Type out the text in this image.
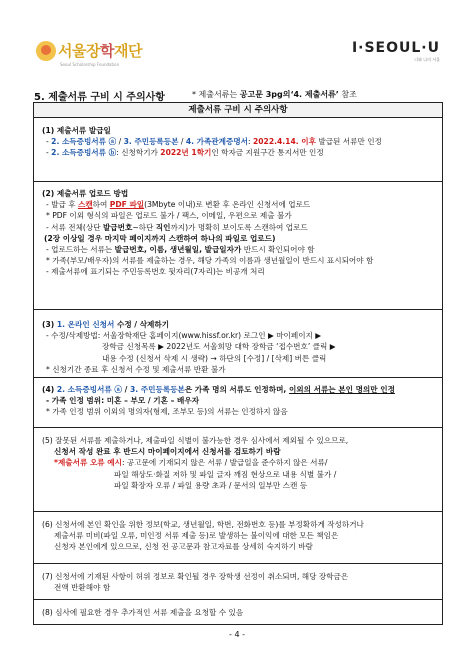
서울장학재단
Seoul Scholarship Foundation
I·SEOUL·U
너와 나의 서울
5. 제출서류 구비 시 주의사항	* 제출서류는 공고문 3pg의‘4. 제출서류’ 참조
제출서류 구비 시 주의사항
(1) 제출서류 발급일
- 2. 소득증빙서류 ⓐ / 3. 주민등록등본 / 4. 가족관계증명서: 2022.4.14. 이후 발급된 서류만 인정
- 2. 소득증빙서류 ⓑ: 신청학기가 2022년 1학기인 학자금 지원구간 통지서만 인정
(2) 제출서류 업로드 방법
- 발급 후 스캔하여 PDF 파일(3Mbyte 이내)로 변환 후 온라인 신청서에 업로드
* PDF 이외 형식의 파일은 업로드 불가 / 팩스, 이메일, 우편으로 제출 불가
- 서류 전체(상단 발급번호~하단 직인까지)가 명확히 보이도록 스캔하여 업로드
(2장 이상일 경우 마지막 페이지까지 스캔하여 하나의 파일로 업로드)
- 업로드하는 서류는 발급번호, 이름, 생년월일, 발급일자가 반드시 확인되어야 함
* 가족(부모/배우자)의 서류를 제출하는 경우, 해당 가족의 이름과 생년월일이 반드시 표시되어야 함
- 제출서류에 표기되는 주민등록번호 뒷자리(7자리)는 비공개 처리
(3) 1. 온라인 신청서 수정 / 삭제하기
- 수정/삭제방법: 서울장학재단 홈페이지(www.hissf.or.kr) 로그인 ▶ 마이페이지 ▶
장학금 신청목록 ▶ 2022년도 서울희망 대학 장학금 ‘접수번호’ 클릭 ▶
내용 수정 (신청서 삭제 시 생략) → 하단의 [수정] / [삭제] 버튼 클릭
* 신청기간 종료 후 신청서 수정 및 제출서류 반환 불가
(4) 2. 소득증빙서류 ⓐ / 3. 주민등록등본은 가족 명의 서류도 인정하며, 이외의 서류는 본인 명의만 인정
- 가족 인정 범위: 미혼 – 부모 / 기혼 – 배우자
* 가족 인정 범위 이외의 명의자(형제, 조부모 등)의 서류는 인정하지 않음
(5) 잘못된 서류를 제출하거나, 제출파일 식별이 불가능한 경우 심사에서 제외될 수 있으므로,
신청서 작성 완료 후 반드시 마이페이지에서 신청서를 검토하기 바람
*제출서류 오류 예시: 공고문에 기재되지 않은 서류 / 발급일을 준수하지 않은 서류/
파일 해상도·화질 저하 및 파일 글자 깨짐 현상으로 내용 식별 불가 /
파일 확장자 오류 / 파일 용량 초과 / 문서의 일부만 스캔 등
(6) 신청서에 본인 확인을 위한 정보(학교, 생년월일, 학번, 전화번호 등)를 부정확하게 작성하거나
제출서류 미비(파일 오류, 미인정 서류 제출 등)로 발생하는 불이익에 대한 모든 책임은
신청자 본인에게 있으므로, 신청 전 공고문과 참고자료를 상세히 숙지하기 바람
(7) 신청서에 기재된 사항이 허위 정보로 확인될 경우 장학생 선정이 취소되며, 해당 장학금은
전액 반환해야 함
(8) 심사에 필요한 경우 추가적인 서류 제출을 요청할 수 있음
- 4 -
